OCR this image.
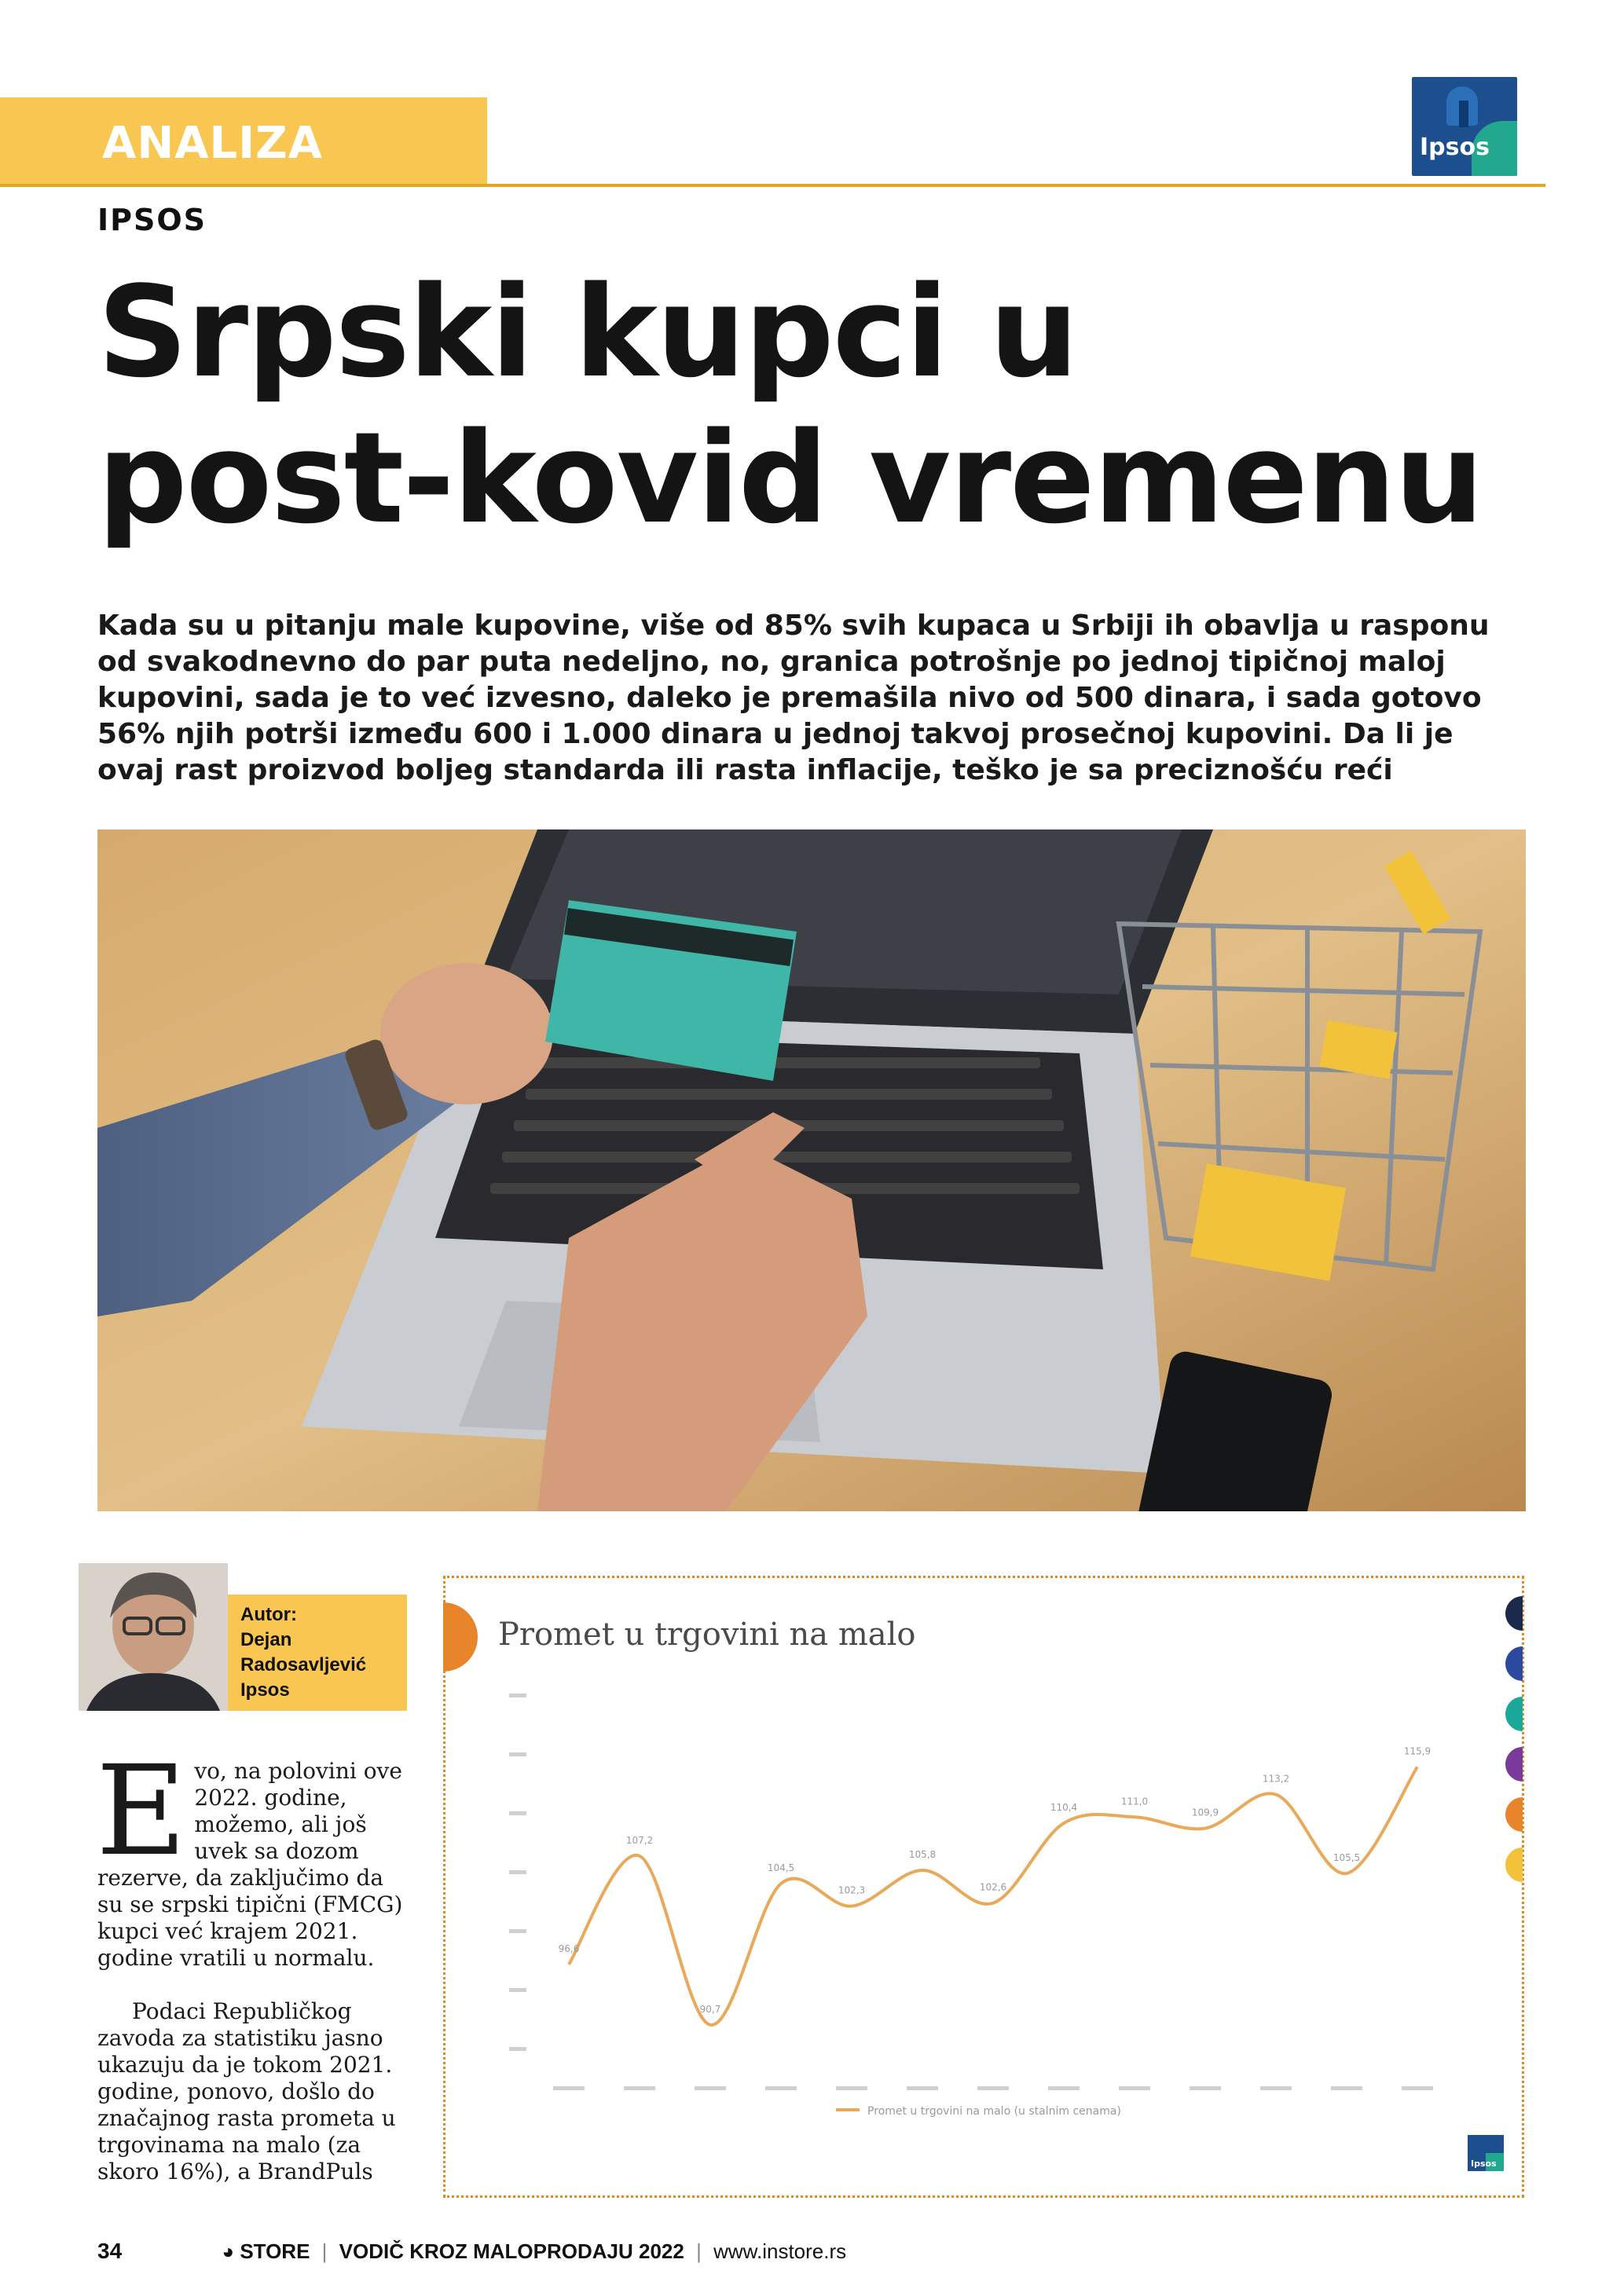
ANALIZA	Ipsos
IPSOS
Srpski kupci u
post-kovid vremenu
Kada su u pitanju male kupovine, više od 85% svih kupaca u Srbiji ih obavlja u rasponu od svakodnevno do par puta nedeljno, no, granica potrošnje po jednoj tipičnoj maloj kupovini, sada je to već izvesno, daleko je premašila nivo od 500 dinara, i sada gotovo 56% njih potrši između 600 i 1.000 dinara u jednoj takvoj prosečnoj kupovini. Da li je ovaj rast proizvod boljeg standarda ili rasta inflacije, teško je sa preciznošću reći
Autor:
Dejan
Radosavljević
Ipsos

E vo, na polovini ove 2022. godine, možemo, ali još uvek sa dozom rezerve, da zaključimo da su se srpski tipični (FMCG) kupci već krajem 2021. godine vratili u normalu.

Podaci Republičkog zavoda za statistiku jasno ukazuju da je tokom 2021. godine, ponovo, došlo do značajnog rasta prometa u trgovinama na malo (za skoro 16%), a BrandPuls

96,6
107,2
90,7
104,5
102,3
105,8
102,6
110,4
111,0
109,9
113,2
105,5
115,9
Promet u trgovini na malo (u stalnim cenama)
Ipsos
Promet u trgovini na malo
34	◕ STORE | VODIČ KROZ MALOPRODAJU 2022 | www.instore.rs
